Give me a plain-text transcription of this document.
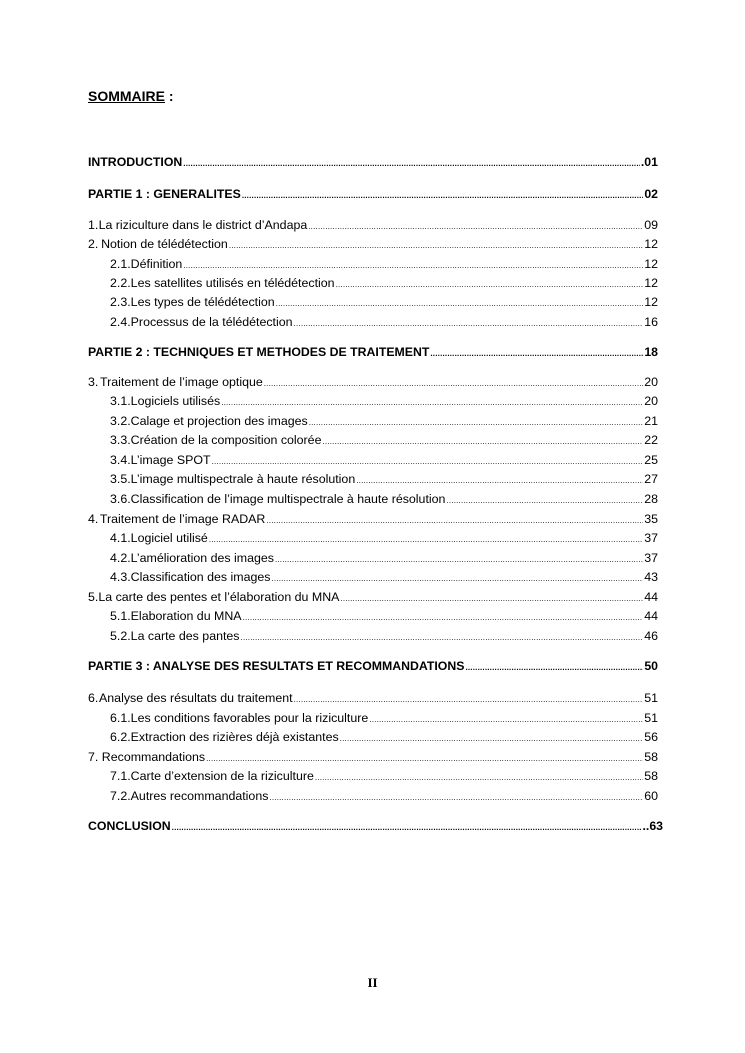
SOMMAIRE :
INTRODUCTION .....	.01
PARTIE 1 : GENERALITES .....	02
1. La riziculture dans le district d’Andapa .....	09
2. Notion de télédétection .....	12
2.1. Définition .....	12
2.2. Les satellites utilisés en télédétection .....	12
2.3. Les types de télédétection .....	12
2.4. Processus de la télédétection .....	16
PARTIE 2 : TECHNIQUES ET METHODES DE TRAITEMENT .....	18
3. Traitement de l’image optique .....	20
3.1. Logiciels utilisés .....	20
3.2. Calage et projection des images .....	21
3.3. Création de la composition colorée .....	22
3.4. L’image SPOT .....	25
3.5. L’image multispectrale à haute résolution .....	27
3.6. Classification de l’image multispectrale à haute résolution .....	28
4. Traitement de l’image RADAR .....	35
4.1. Logiciel utilisé .....	37
4.2. L’amélioration des images .....	37
4.3. Classification des images .....	43
5. La carte des pentes et l’élaboration du MNA .....	44
5.1. Elaboration du MNA .....	44
5.2. La carte des pantes .....	46
PARTIE 3 : ANALYSE DES RESULTATS ET RECOMMANDATIONS .....	50
6. Analyse des résultats du traitement .....	51
6.1. Les conditions favorables pour la riziculture .....	51
6.2. Extraction des rizières déjà existantes .....	56
7. Recommandations .....	58
7.1. Carte d’extension de la riziculture .....	58
7.2. Autres recommandations .....	60
CONCLUSION .....	..63
II
